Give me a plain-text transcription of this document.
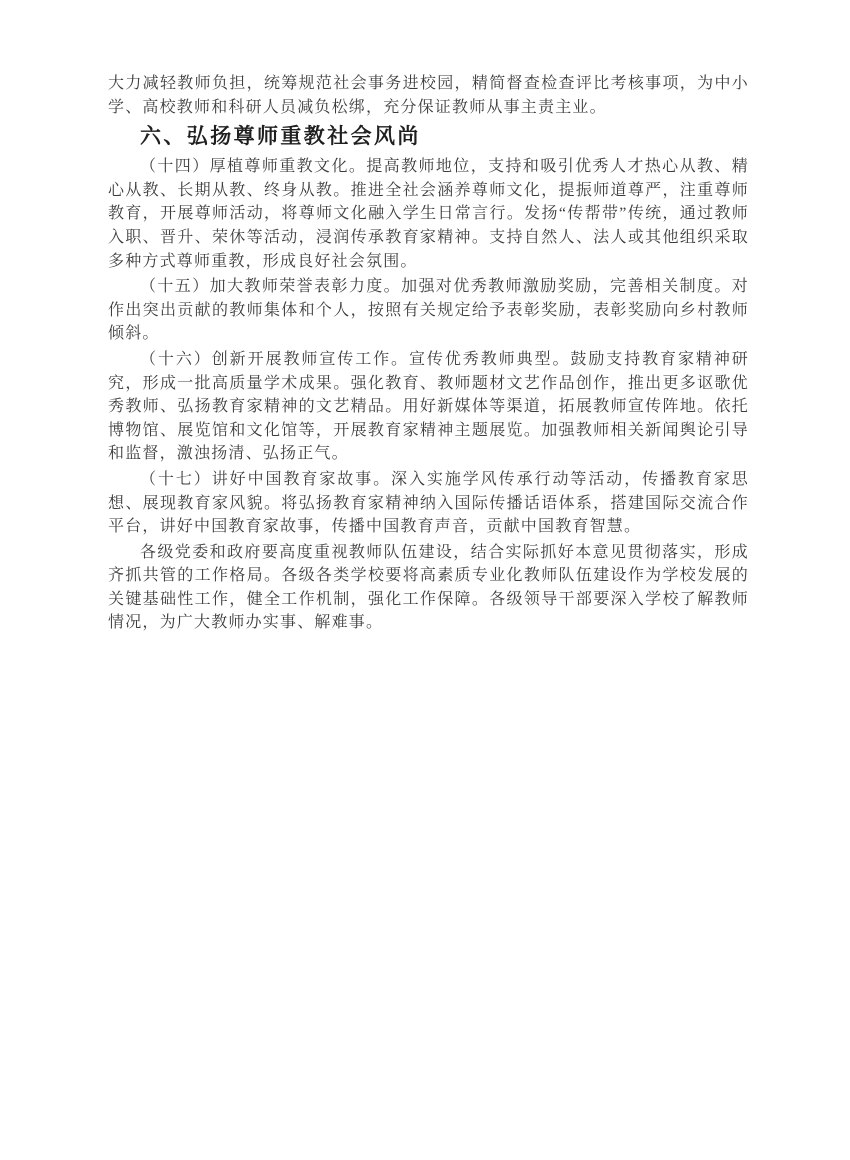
大力减轻教师负担，统筹规范社会事务进校园，精简督查检查评比考核事项，为中小学、高校教师和科研人员减负松绑，充分保证教师从事主责主业。

六、弘扬尊师重教社会风尚

（十四）厚植尊师重教文化。提高教师地位，支持和吸引优秀人才热心从教、精心从教、长期从教、终身从教。推进全社会涵养尊师文化，提振师道尊严，注重尊师教育，开展尊师活动，将尊师文化融入学生日常言行。发扬“传帮带”传统，通过教师入职、晋升、荣休等活动，浸润传承教育家精神。支持自然人、法人或其他组织采取多种方式尊师重教，形成良好社会氛围。

（十五）加大教师荣誉表彰力度。加强对优秀教师激励奖励，完善相关制度。对作出突出贡献的教师集体和个人，按照有关规定给予表彰奖励，表彰奖励向乡村教师倾斜。

（十六）创新开展教师宣传工作。宣传优秀教师典型。鼓励支持教育家精神研究，形成一批高质量学术成果。强化教育、教师题材文艺作品创作，推出更多讴歌优秀教师、弘扬教育家精神的文艺精品。用好新媒体等渠道，拓展教师宣传阵地。依托博物馆、展览馆和文化馆等，开展教育家精神主题展览。加强教师相关新闻舆论引导和监督，激浊扬清、弘扬正气。

（十七）讲好中国教育家故事。深入实施学风传承行动等活动，传播教育家思想、展现教育家风貌。将弘扬教育家精神纳入国际传播话语体系，搭建国际交流合作平台，讲好中国教育家故事，传播中国教育声音，贡献中国教育智慧。

各级党委和政府要高度重视教师队伍建设，结合实际抓好本意见贯彻落实，形成齐抓共管的工作格局。各级各类学校要将高素质专业化教师队伍建设作为学校发展的关键基础性工作，健全工作机制，强化工作保障。各级领导干部要深入学校了解教师情况，为广大教师办实事、解难事。
